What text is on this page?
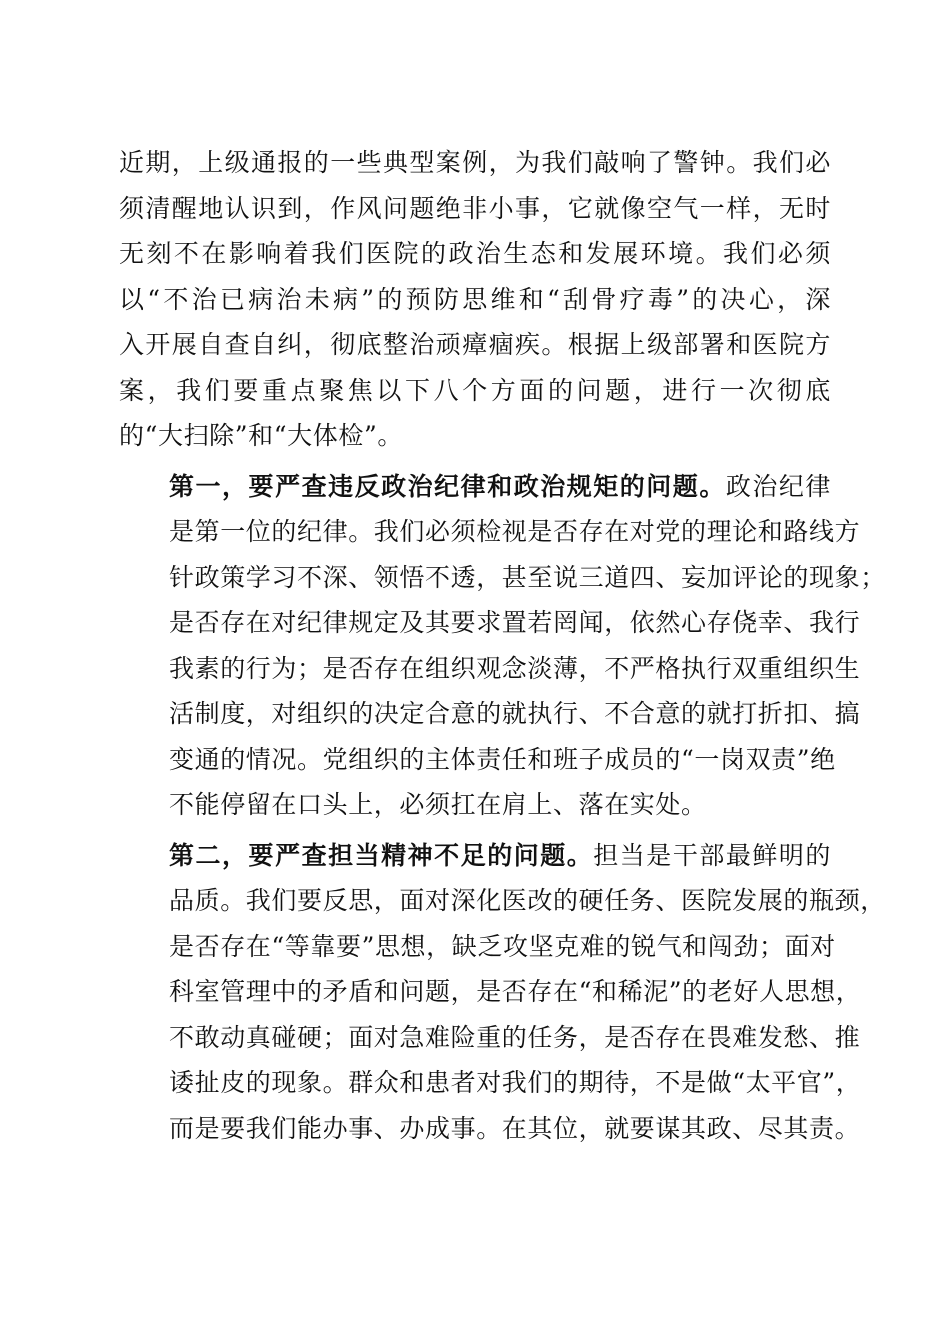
近期，上级通报的一些典型案例，为我们敲响了警钟。我们必
须清醒地认识到，作风问题绝非小事，它就像空气一样，无时
无刻不在影响着我们医院的政治生态和发展环境。我们必须
以“不治已病治未病”的预防思维和“刮骨疗毒”的决心，深
入开展自查自纠，彻底整治顽瘴痼疾。根据上级部署和医院方
案，我们要重点聚焦以下八个方面的问题，进行一次彻底
的“大扫除”和“大体检”。
第一，要严查违反政治纪律和政治规矩的问题。政治纪律
是第一位的纪律。我们必须检视是否存在对党的理论和路线方
针政策学习不深、领悟不透，甚至说三道四、妄加评论的现象；
是否存在对纪律规定及其要求置若罔闻，依然心存侥幸、我行
我素的行为；是否存在组织观念淡薄，不严格执行双重组织生
活制度，对组织的决定合意的就执行、不合意的就打折扣、搞
变通的情况。党组织的主体责任和班子成员的“一岗双责”绝
不能停留在口头上，必须扛在肩上、落在实处。
第二，要严查担当精神不足的问题。担当是干部最鲜明的
品质。我们要反思，面对深化医改的硬任务、医院发展的瓶颈，
是否存在“等靠要”思想，缺乏攻坚克难的锐气和闯劲；面对
科室管理中的矛盾和问题，是否存在“和稀泥”的老好人思想，
不敢动真碰硬；面对急难险重的任务，是否存在畏难发愁、推
诿扯皮的现象。群众和患者对我们的期待，不是做“太平官”，
而是要我们能办事、办成事。在其位，就要谋其政、尽其责。
